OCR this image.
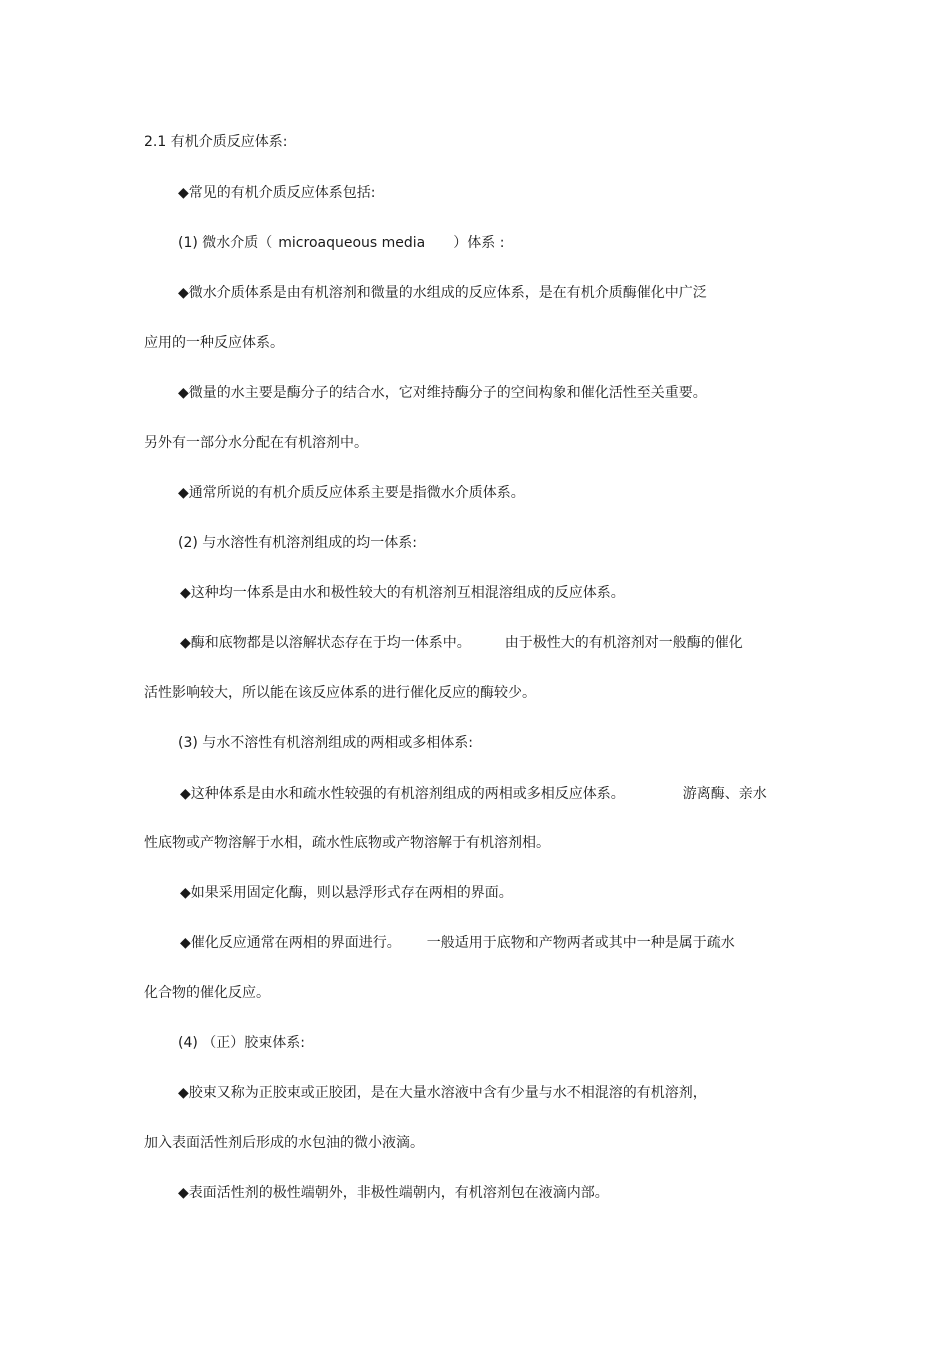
2.1 有机介质反应体系:
◆常见的有机介质反应体系包括:
(1) 微水介质（ microaqueous media ）体系 :
◆微水介质体系是由有机溶剂和微量的水组成的反应体系，是在有机介质酶催化中广泛
应用的一种反应体系。
◆微量的水主要是酶分子的结合水，它对维持酶分子的空间构象和催化活性至关重要。
另外有一部分水分配在有机溶剂中。
◆通常所说的有机介质反应体系主要是指微水介质体系。
(2) 与水溶性有机溶剂组成的均一体系:
◆这种均一体系是由水和极性较大的有机溶剂互相混溶组成的反应体系。
◆酶和底物都是以溶解状态存在于均一体系中。 由于极性大的有机溶剂对一般酶的催化
活性影响较大，所以能在该反应体系的进行催化反应的酶较少。
(3) 与水不溶性有机溶剂组成的两相或多相体系:
◆这种体系是由水和疏水性较强的有机溶剂组成的两相或多相反应体系。	游离酶、亲水
性底物或产物溶解于水相，疏水性底物或产物溶解于有机溶剂相。
◆如果采用固定化酶，则以悬浮形式存在两相的界面。
◆催化反应通常在两相的界面进行。 一般适用于底物和产物两者或其中一种是属于疏水
化合物的催化反应。
(4) （正）胶束体系:
◆胶束又称为正胶束或正胶团，是在大量水溶液中含有少量与水不相混溶的有机溶剂，
加入表面活性剂后形成的水包油的微小液滴。
◆表面活性剂的极性端朝外，非极性端朝内，有机溶剂包在液滴内部。
